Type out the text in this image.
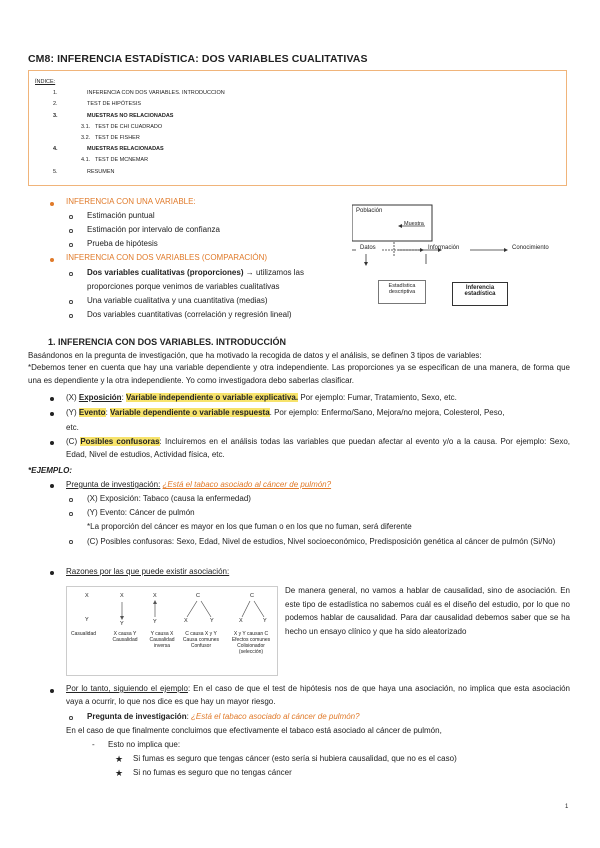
CM8: INFERENCIA ESTADÍSTICA: DOS VARIABLES CUALITATIVAS
ÍNDICE:
1.	INFERENCIA CON DOS VARIABLES. INTRODUCCION
2.	TEST DE HIPÓTESIS
3.	MUESTRAS NO RELACIONADAS
3.1. TEST DE CHI CUADRADO
3.2. TEST DE FISHER
4.	MUESTRAS RELACIONADAS
4.1. TEST DE MCNEMAR
5.	RESUMEN
INFERENCIA CON UNA VARIABLE:
Estimación puntual
Estimación por intervalo de confianza
Prueba de hipótesis
INFERENCIA CON DOS VARIABLES (COMPARACIÓN)
Dos variables cualitativas (proporciones) → utilizamos las
proporciones porque venimos de variables cualitativas
Una variable cualitativa y una cuantitativa (medias)
Dos variables cuantitativas (correlación y regresión lineal)
Población
Muestra
Datos	Información	Conocimiento
Estadística descriptiva
Inferencia estadística
1. INFERENCIA CON DOS VARIABLES. INTRODUCCIÓN
Basándonos en la pregunta de investigación, que ha motivado la recogida de datos y el análisis, se definen 3 tipos de variables:
*Debemos tener en cuenta que hay una variable dependiente y otra independiente. Las proporciones ya se especifican de una manera, de forma que una es dependiente y la otra independiente. Yo como investigadora debo saberlas clasificar.
(X) Exposición: Variable independiente o variable explicativa. Por ejemplo: Fumar, Tratamiento, Sexo, etc.
(Y) Evento: Variable dependiente o variable respuesta. Por ejemplo: Enfermo/Sano, Mejora/no mejora, Colesterol, Peso,
etc.
(C) Posibles confusoras: Incluiremos en el análisis todas las variables que puedan afectar al evento y/o a la causa. Por ejemplo: Sexo, Edad, Nivel de estudios, Actividad física, etc.
*EJEMPLO:
Pregunta de investigación: ¿Está el tabaco asociado al cáncer de pulmón?
(X) Exposición: Tabaco (causa la enfermedad)
(Y) Evento: Cáncer de pulmón
*La proporción del cáncer es mayor en los que fuman o en los que no fuman, será diferente
(C) Posibles confusoras: Sexo, Edad, Nivel de estudios, Nivel socioeconómico, Predisposición genética al cáncer de pulmón (Si/No)
Razones por las que puede existir asociación:
X
Y
Casualidad
X
Y
X causa Y Causalidad
X
Y
Y causa X Causalidad inversa
C
X	Y
C causa X y Y Causa comunes Confusor
C
X	Y
X y Y causan C Efectos comunes Colisionador (selección)
De manera general, no vamos a hablar de causalidad, sino de asociación. En este tipo de estadística no sabemos cuál es el diseño del estudio, por lo que no podemos hablar de causalidad. Para dar causalidad debemos saber que se ha hecho un ensayo clínico y que ha sido aleatorizado
Por lo tanto, siguiendo el ejemplo: En el caso de que el test de hipótesis nos de que haya una asociación, no implica que esta asociación vaya a ocurrir, lo que nos dice es que hay un mayor riesgo.
Pregunta de investigación: ¿Está el tabaco asociado al cáncer de pulmón?
En el caso de que finalmente concluimos que efectivamente el tabaco está asociado al cáncer de pulmón,
- Esto no implica que:
★ Si fumas es seguro que tengas cáncer (esto sería si hubiera causalidad, que no es el caso)
★ Si no fumas es seguro que no tengas cáncer
1
